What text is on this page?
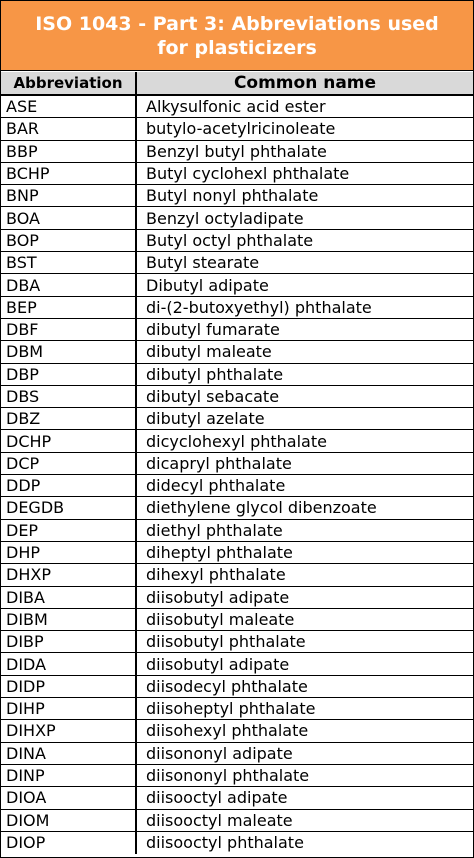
ISO 1043 - Part 3: Abbreviations used for plasticizers
Abbreviation	Common name
ASE	Alkysulfonic acid ester
BAR	butylo-acetylricinoleate
BBP	Benzyl butyl phthalate
BCHP	Butyl cyclohexl phthalate
BNP	Butyl nonyl phthalate
BOA	Benzyl octyladipate
BOP	Butyl octyl phthalate
BST	Butyl stearate
DBA	Dibutyl adipate
BEP	di-(2-butoxyethyl) phthalate
DBF	dibutyl fumarate
DBM	dibutyl maleate
DBP	dibutyl phthalate
DBS	dibutyl sebacate
DBZ	dibutyl azelate
DCHP	dicyclohexyl phthalate
DCP	dicapryl phthalate
DDP	didecyl phthalate
DEGDB	diethylene glycol dibenzoate
DEP	diethyl phthalate
DHP	diheptyl phthalate
DHXP	dihexyl phthalate
DIBA	diisobutyl adipate
DIBM	diisobutyl maleate
DIBP	diisobutyl phthalate
DIDA	diisobutyl adipate
DIDP	diisodecyl phthalate
DIHP	diisoheptyl phthalate
DIHXP	diisohexyl phthalate
DINA	diisononyl adipate
DINP	diisononyl phthalate
DIOA	diisooctyl adipate
DIOM	diisooctyl maleate
DIOP	diisooctyl phthalate
